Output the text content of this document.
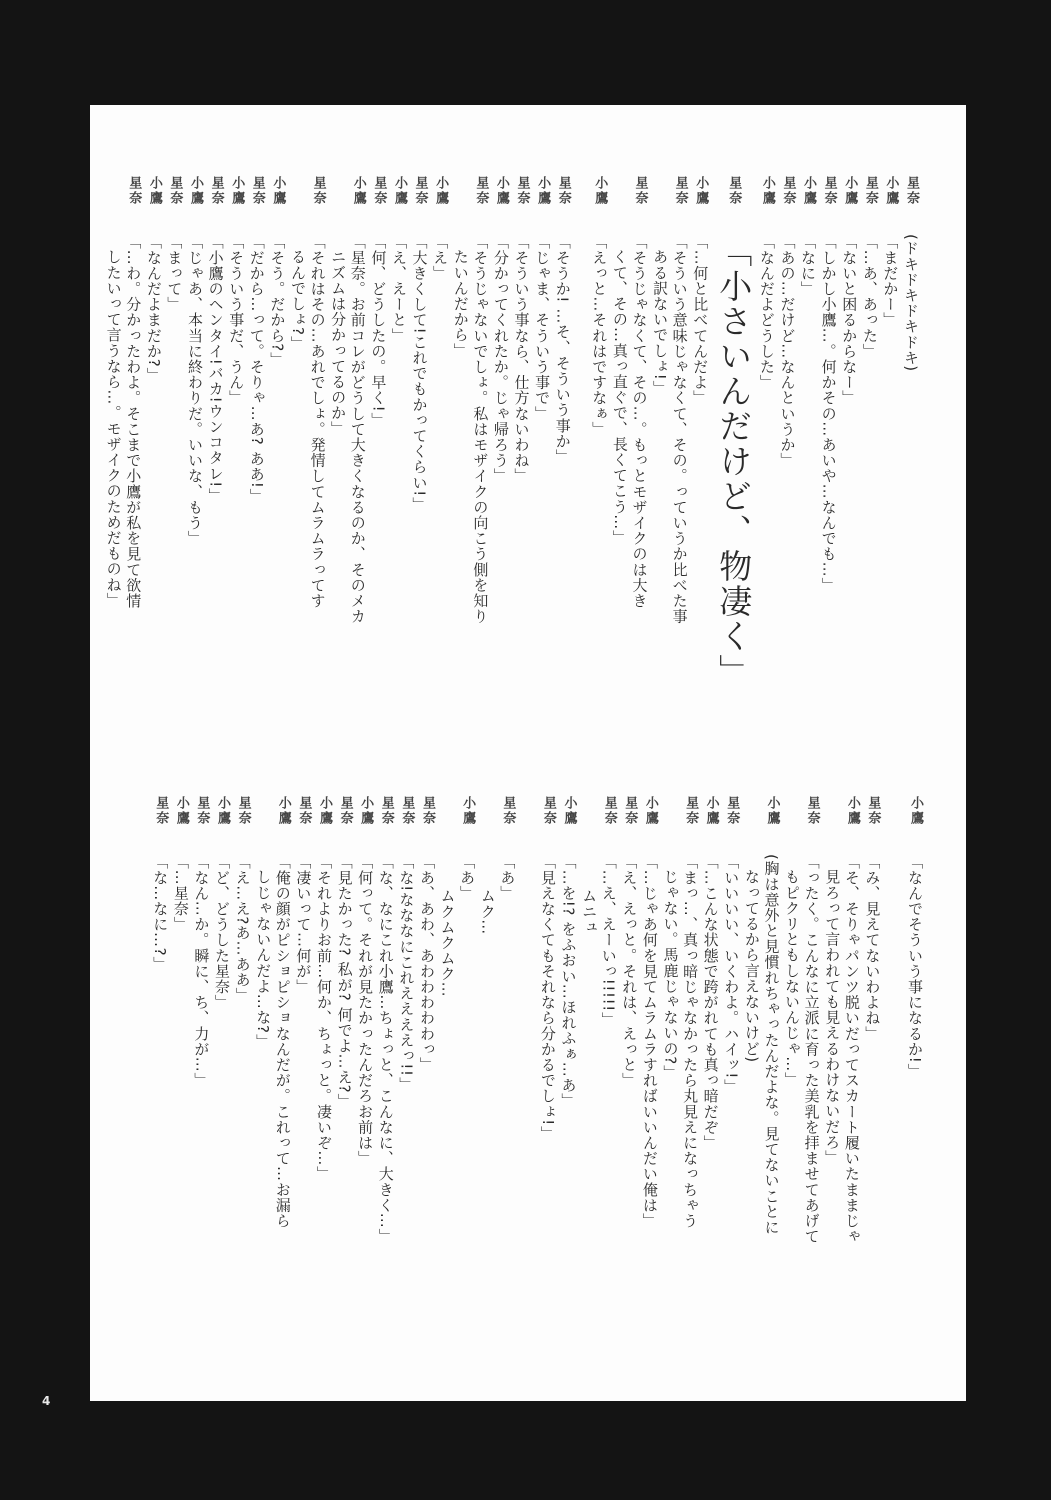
4
星奈(ドキドキドキドキ)
小鷹「まだかー」
星奈「…あ、あった」
小鷹「ないと困るからなー」
星奈「しかし小鷹…。何かその…あいや…なんでも…」
小鷹「なに」
星奈「あの…だけど…なんというか」
小鷹「なんだよどうした」
星奈「小さいんだけど、物凄く」
小鷹「…何と比べてんだよ」
星奈「そういう意味じゃなくて、その。っていうか比べた事
ある訳ないでしょ!」
星奈「そうじゃなくて、その…。もっとモザイクのは大き
くて、その…真っ直ぐで、長くてこう…」
小鷹「えっと…それはですなぁ」
星奈「そうか! …そ、そういう事か」
小鷹「じゃま、そういう事で」
星奈「そういう事なら、仕方ないわね」
小鷹「分かってくれたか。じゃ帰ろう」
星奈「そうじゃないでしょ。私はモザイクの向こう側を知り
たいんだから」
小鷹「え」
星奈「大きくして!これでもかってくらい!」
小鷹「え、えーと」
星奈「何、どうしたの。早く!」
小鷹「星奈。お前コレがどうして大きくなるのか、そのメカ
ニズムは分かってるのか」
星奈「それはその…あれでしょ。発情してムラムラってす
るんでしょ?」
小鷹「そう。だから?」
星奈「だから…って。そりゃ…あ? ああ!」
小鷹「そういう事だ、うん」
星奈「小鷹のヘンタイ!バカ!ウンコタレ!」
小鷹「じゃあ、本当に終わりだ。いいな、もう」
星奈「まって」
小鷹「なんだよまだか?」
星奈「…わ。分かったわよ。そこまで小鷹が私を見て欲情
したいって言うなら…。モザイクのためだものね」
小鷹「なんでそういう事になるか!」
星奈「み、見えてないわよね」
小鷹「そ、そりゃパンツ脱いだってスカート履いたままじゃ
見ろって言われても見えるわけないだろ」
星奈「ったく。こんなに立派に育った美乳を拝ませてあげて
もピクリともしないんじゃ…」
小鷹(胸は意外と見慣れちゃったんだよな。見てないことに
なってるから言えないけど)
星奈「いいいい、いくわよ。ハイッ!」
小鷹「…こんな状態で跨がれても真っ暗だぞ」
星奈「まっ…、真っ暗じゃなかったら丸見えになっちゃう
じゃない。馬鹿じゃないの?」
小鷹「…じゃあ何を見てムラムラすればいいんだい俺は」
星奈「え、えっと。それは、えっと」
星奈「…え、えーいっ!!!!!」
ムニュ
小鷹「…を!? をふおい…ほれふぁ…あ」
星奈「見えなくてもそれなら分かるでしょ!」
星奈「あ」
ムク…
小鷹「あ」
ムクムクムク…
星奈「あ、あわ、あわわわわわっ」
星奈「な!なななにこれええええっ!!」
星奈「な、なにこれ小鷹…ちょっと、こんなに、大きく…」
小鷹「何って。それが見たかったんだろお前は」
星奈「見たかった? 私が? 何でよ…え?」
小鷹「それよりお前…何か、ちょっと。凄いぞ…」
星奈「凄いって…何が」
小鷹「俺の顔がピショピショなんだが。これって…お漏ら
しじゃないんだよ…な?」
星奈「え…え?あ…ああ」
小鷹「ど、どうした星奈」
星奈「なん…か。瞬に、ち、力が…」
小鷹「…星奈」
星奈「な…なに…?」
